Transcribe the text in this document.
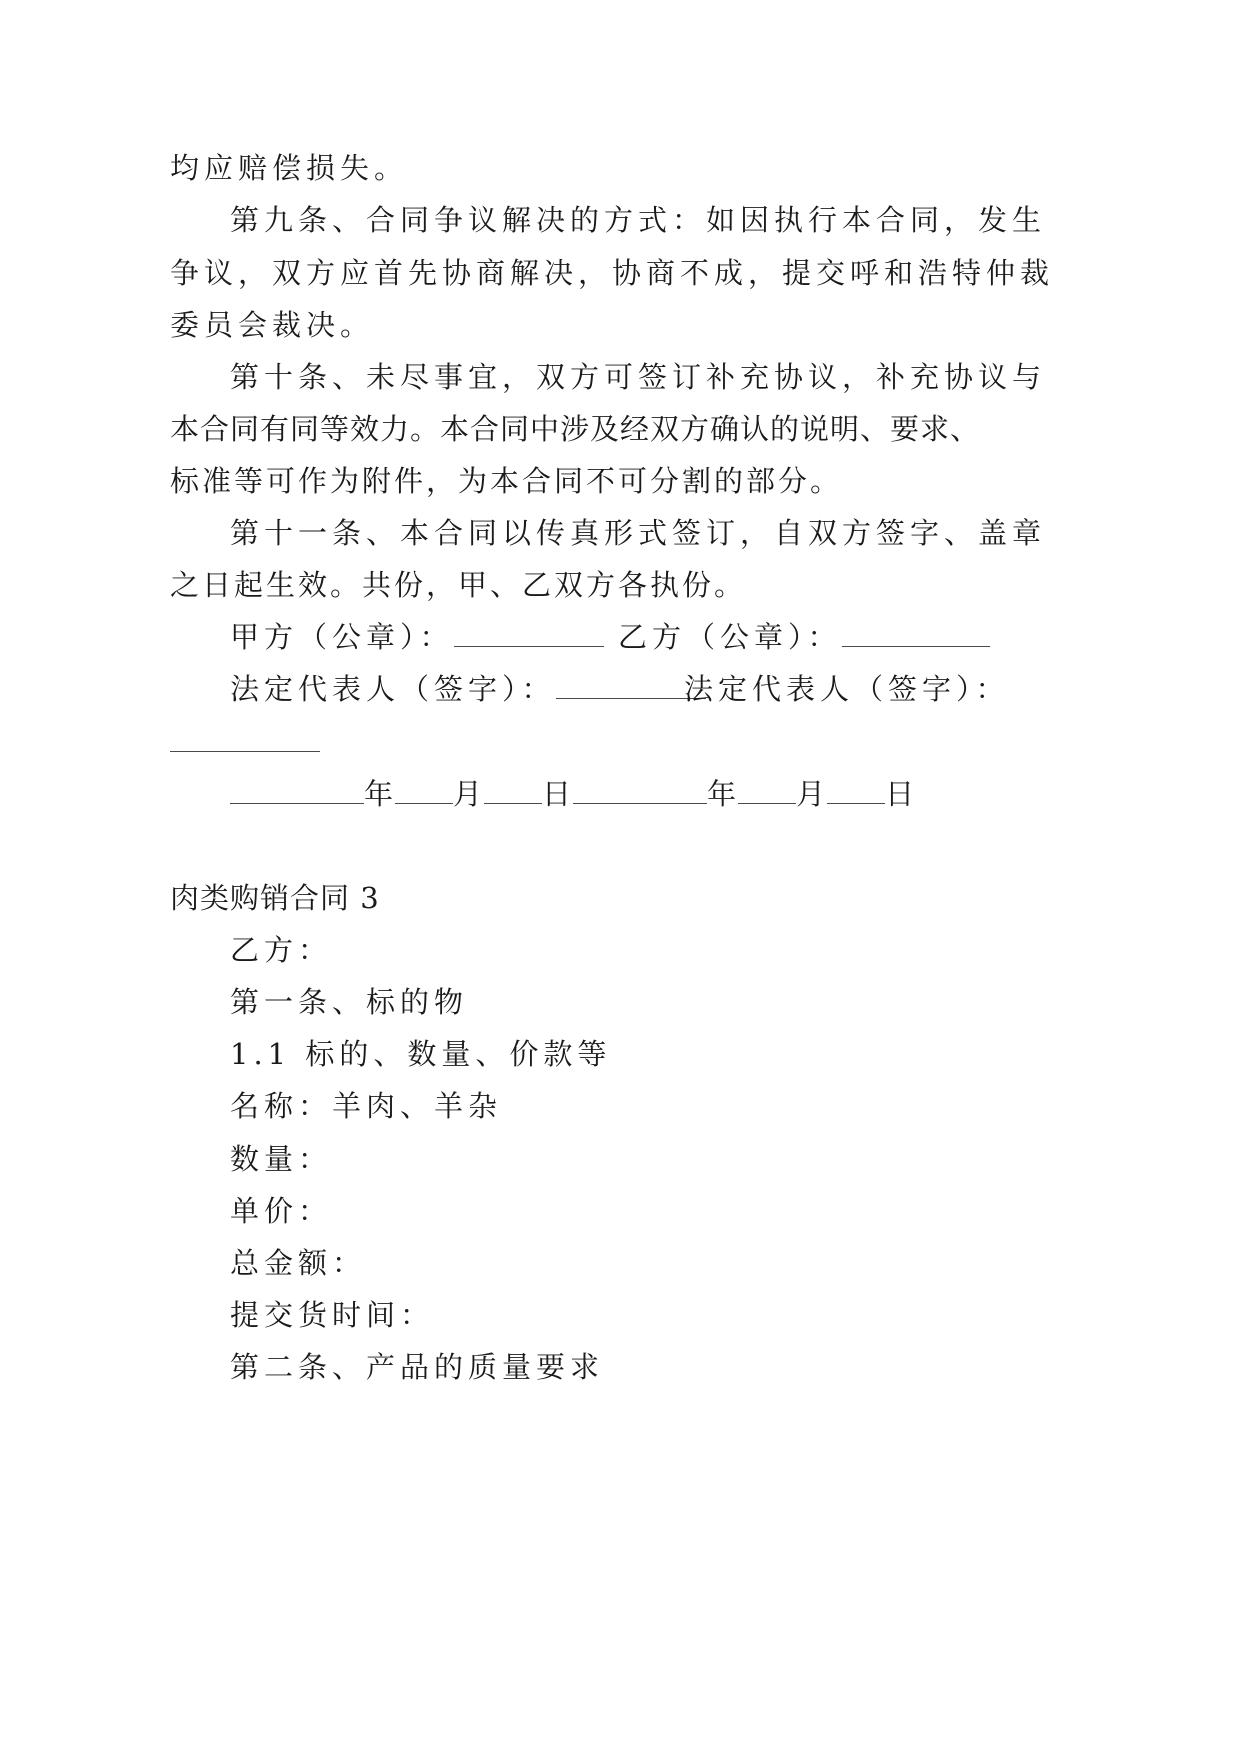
均应赔偿损失。
第九条、合同争议解决的方式：如因执行本合同，发生
争议，双方应首先协商解决，协商不成，提交呼和浩特仲裁
委员会裁决。
第十条、未尽事宜，双方可签订补充协议，补充协议与
本合同有同等效力。本合同中涉及经双方确认的说明、要求、
标准等可作为附件，为本合同不可分割的部分。
第十一条、本合同以传真形式签订，自双方签字、盖章
之日起生效。共份，甲、乙双方各执份。
甲方（公章）：	乙方（公章）：
法定代表人（签字）：	法定代表人（签字）：
年 月 日	年 月 日
肉类购销合同 3
乙方：
第一条、标的物
1.1 标的、数量、价款等
名称：羊肉、羊杂
数量：
单价：
总金额：
提交货时间：
第二条、产品的质量要求
